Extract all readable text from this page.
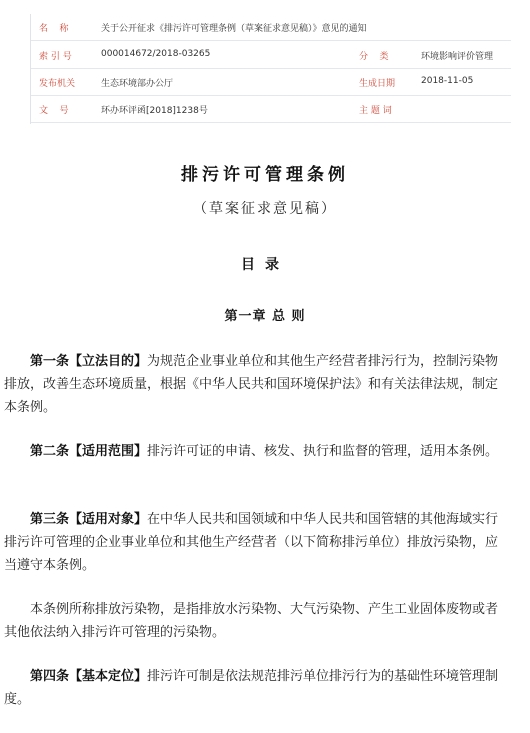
名    称	关于公开征求《排污许可管理条例（草案征求意见稿）》意见的通知
索 引 号	000014672/2018-03265	分    类	环境影响评价管理
发布机关	生态环境部办公厅	生成日期	2018-11-05
文    号	环办环评函[2018]1238号	主 题 词
排污许可管理条例
（草案征求意见稿）
目录
第一章 总 则

第一条【立法目的】为规范企业事业单位和其他生产经营者排污行为，控制污染物排放，改善生态环境质量，根据《中华人民共和国环境保护法》和有关法律法规，制定本条例。

第二条【适用范围】排污许可证的申请、核发、执行和监督的管理，适用本条例。

第三条【适用对象】在中华人民共和国领域和中华人民共和国管辖的其他海域实行排污许可管理的企业事业单位和其他生产经营者（以下简称排污单位）排放污染物，应当遵守本条例。

本条例所称排放污染物，是指排放水污染物、大气污染物、产生工业固体废物或者其他依法纳入排污许可管理的污染物。

第四条【基本定位】排污许可制是依法规范排污单位排污行为的基础性环境管理制度。
